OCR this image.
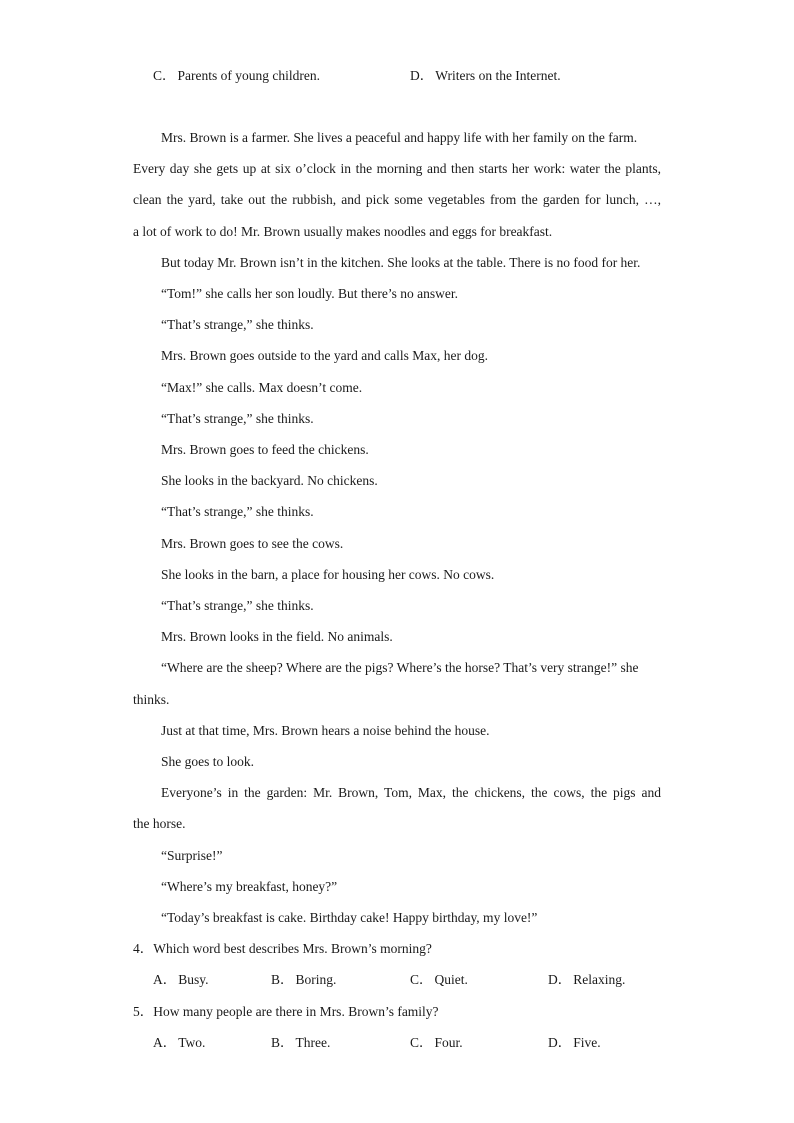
C． Parents of young children.	D． Writers on the Internet.
Mrs. Brown is a farmer. She lives a peaceful and happy life with her family on the farm.
Every day she gets up at six o’clock in the morning and then starts her work: water the plants,
clean the yard, take out the rubbish, and pick some vegetables from the garden for lunch, …,
a lot of work to do! Mr. Brown usually makes noodles and eggs for breakfast.
But today Mr. Brown isn’t in the kitchen. She looks at the table. There is no food for her.
“Tom!” she calls her son loudly. But there’s no answer.
“That’s strange,” she thinks.
Mrs. Brown goes outside to the yard and calls Max, her dog.
“Max!” she calls. Max doesn’t come.
“That’s strange,” she thinks.
Mrs. Brown goes to feed the chickens.
She looks in the backyard. No chickens.
“That’s strange,” she thinks.
Mrs. Brown goes to see the cows.
She looks in the barn, a place for housing her cows. No cows.
“That’s strange,” she thinks.
Mrs. Brown looks in the field. No animals.
“Where are the sheep? Where are the pigs? Where’s the horse? That’s very strange!” she
thinks.
Just at that time, Mrs. Brown hears a noise behind the house.
She goes to look.
Everyone’s in the garden: Mr. Brown, Tom, Max, the chickens, the cows, the pigs and
the horse.
“Surprise!”
“Where’s my breakfast, honey?”
“Today’s breakfast is cake. Birthday cake! Happy birthday, my love!”
4．Which word best describes Mrs. Brown’s morning?
A． Busy.	B． Boring.	C． Quiet.	D． Relaxing.
5．How many people are there in Mrs. Brown’s family?
A． Two.	B． Three.	C． Four.	D． Five.
